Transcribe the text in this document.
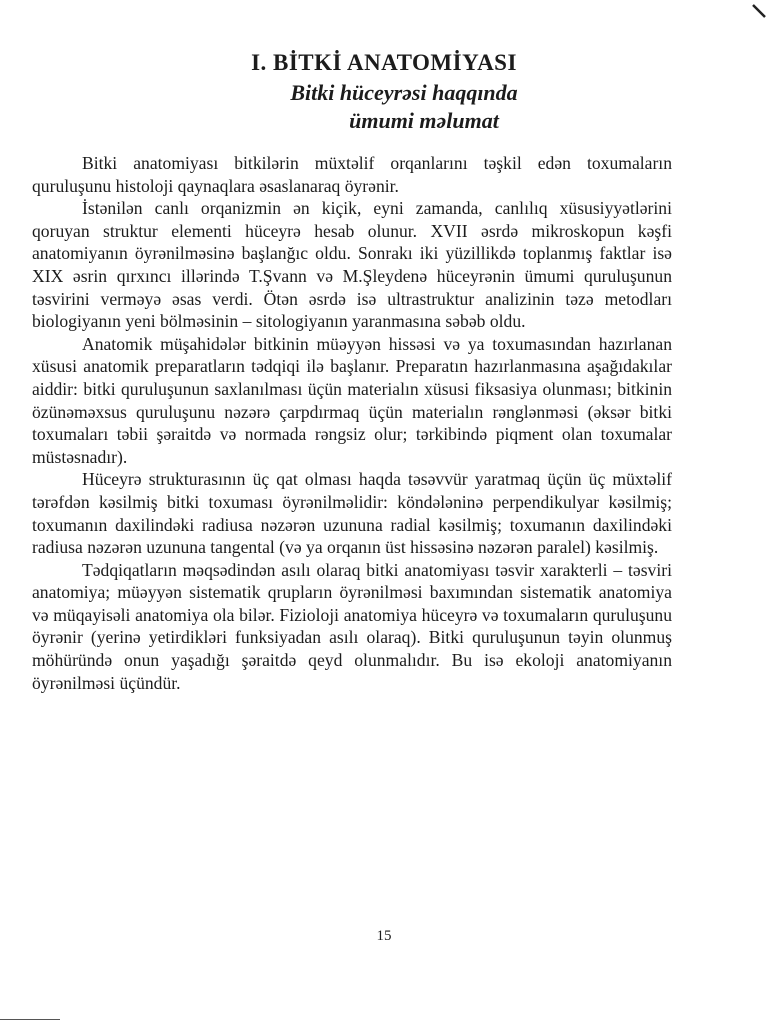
I. BİTKİ ANATOMİYASI
Bitki hüceyrəsi haqqında
ümumi məlumat

Bitki anatomiyası bitkilərin müxtəlif orqanlarını təşkil edən toxumaların quruluşunu histoloji qaynaqlara əsaslanaraq öyrənir.

İstənilən canlı orqanizmin ən kiçik, eyni zamanda, canlılıq xüsusiyyətlərini qoruyan struktur elementi hüceyrə hesab olunur. XVII əsrdə mikroskopun kəşfi anatomiyanın öyrənilməsinə başlanğıc oldu. Sonrakı iki yüzillikdə toplanmış faktlar isə XIX əsrin qırxıncı illərində T.Şvann və M.Şleydenə hüceyrənin ümumi quruluşunun təsvirini verməyə əsas verdi. Ötən əsrdə isə ultrastruktur analizinin təzə metodları biologiyanın yeni bölməsinin – sitologiyanın yaranmasına səbəb oldu.

Anatomik müşahidələr bitkinin müəyyən hissəsi və ya toxumasından hazırlanan xüsusi anatomik preparatların tədqiqi ilə başlanır. Preparatın hazırlanmasına aşağıdakılar aiddir: bitki quruluşunun saxlanılması üçün materialın xüsusi fiksasiya olunması; bitkinin özünəməxsus quruluşunu nəzərə çarpdırmaq üçün materialın rənglənməsi (əksər bitki toxumaları təbii şəraitdə və normada rəngsiz olur; tərkibində piqment olan toxumalar müstəsnadır).

Hüceyrə strukturasının üç qat olması haqda təsəvvür yaratmaq üçün üç müxtəlif tərəfdən kəsilmiş bitki toxuması öyrənilməlidir: köndələninə perpendikulyar kəsilmiş; toxumanın daxilindəki radiusa nəzərən uzununa radial kəsilmiş; toxumanın daxilindəki radiusa nəzərən uzununa tangental (və ya orqanın üst hissəsinə nəzərən paralel) kəsilmiş.

Tədqiqatların məqsədindən asılı olaraq bitki anatomiyası təsvir xarakterli – təsviri anatomiya; müəyyən sistematik qrupların öyrənilməsi baxımından sistematik anatomiya və müqayisəli anatomiya ola bilər. Fizioloji anatomiya hüceyrə və toxumaların quruluşunu öyrənir (yerinə yetirdikləri funksiyadan asılı olaraq). Bitki quruluşunun təyin olunmuş möhüründə onun yaşadığı şəraitdə qeyd olunmalıdır. Bu isə ekoloji anatomiyanın öyrənilməsi üçündür.

15
